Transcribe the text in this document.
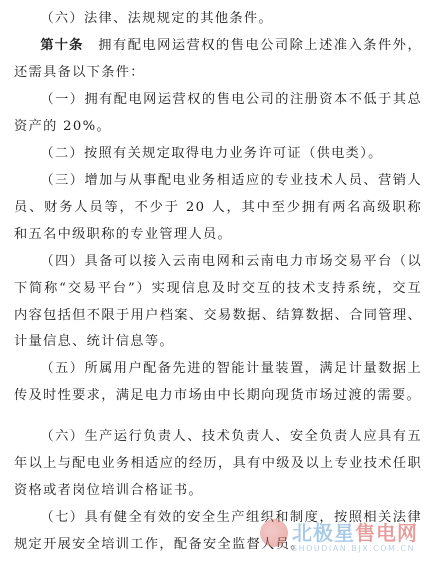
（六）法律、法规规定的其他条件。

第十条　 拥有配电网运营权的售电公司除上述准入条件外，还需具备以下条件：

（一）拥有配电网运营权的售电公司的注册资本不低于其总资产的 20%。

（二）按照有关规定取得电力业务许可证（供电类）。

（三）增加与从事配电业务相适应的专业技术人员、营销人员、财务人员等，不少于 20 人，其中至少拥有两名高级职称和五名中级职称的专业管理人员。

（四）具备可以接入云南电网和云南电力市场交易平台（以下简称“交易平台”）实现信息及时交互的技术支持系统，交互内容包括但不限于用户档案、交易数据、结算数据、合同管理、计量信息、统计信息等。

（五）所属用户配备先进的智能计量装置，满足计量数据上传及时性要求，满足电力市场由中长期向现货市场过渡的需要。

（六）生产运行负责人、技术负责人、安全负责人应具有五年以上与配电业务相适应的经历，具有中级及以上专业技术任职资格或者岗位培训合格证书。

（七）具有健全有效的安全生产组织和制度，按照相关法律规定开展安全培训工作，配备安全监督人员。

北极星售电网
SHOUDIAN.BJX.COM.CN
